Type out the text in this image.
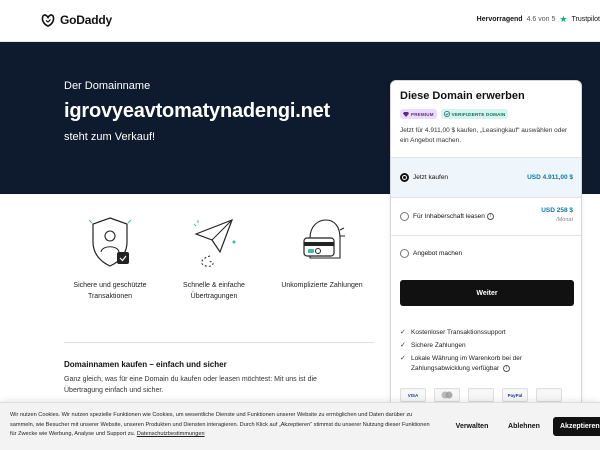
GoDaddy	Hervorragend 4.6 von 5 ★ Trustpilot
Der Domainname
igrovyeavtomatynadengi.net
steht zum Verkauf!
Sichere und geschützte
Transaktionen
Schnelle & einfache
Übertragungen
Unkomplizierte Zahlungen
Domainnamen kaufen – einfach und sicher
Ganz gleich, was für eine Domain du kaufen oder leasen möchtest: Mit uns ist die Übertragung einfach und sicher.
Diese Domain erwerben
PREMIUM	VERIFIZIERTE DOMAIN
Jetzt für 4.911,00 $ kaufen, „Leasingkauf“ auswählen oder ein Angebot machen.
Jetzt kaufen	USD 4.911,00 $
Für Inhaberschaft leasen i
USD 258 $
/Monat
Angebot machen
Weiter
✓ Kostenloser Transaktionssupport
✓ Sichere Zahlungen
✓ Lokale Währung im Warenkorb bei der Zahlungsabwicklung verfügbar i
VISA	PayPal
Wir nutzen Cookies. Wir nutzen spezielle Funktionen wie Cookies, um wesentliche Dienste und Funktionen unserer Website zu ermöglichen und Daten darüber zu sammeln, wie Besucher mit unserer Website, unseren Produkten und Diensten interagieren. Durch Klick auf „Akzeptieren“ stimmst du unserer Nutzung dieser Funktionen für Zwecke wie Werbung, Analyse und Support zu. Datenschutzbestimmungen
Verwalten	Ablehnen	Akzeptieren
